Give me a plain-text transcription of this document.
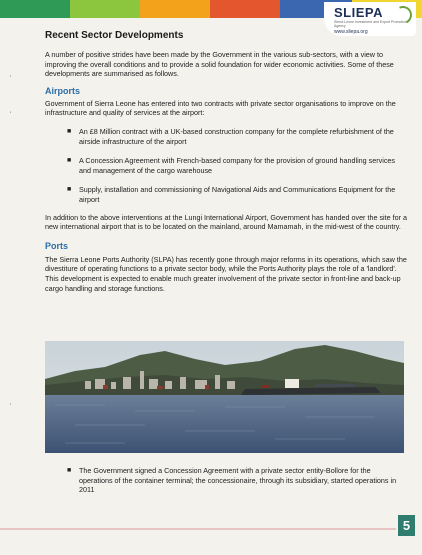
SLIEPA
Sierra Leone Investment and Export Promotion Agency
www.sliepa.org
'
'
'
Recent Sector Developments

A number of positive strides have been made by the Government in the various sub-sectors, with a view to improving the overall conditions and to provide a solid foundation for wider economic activities. Some of these developments are summarised as follows.

Airports

Government of Sierra Leone has entered into two contracts with private sector organisations to improve on the infrastructure and quality of services at the airport:

■ An £8 Million contract with a UK-based construction company for the complete refurbishment of the airside infrastructure of the airport
■ A Concession Agreement with French-based company for the provision of ground handling services and management of the cargo warehouse
■ Supply, installation and commissioning of Navigational Aids and Communications Equipment for the airport

In addition to the above interventions at the Lungi International Airport, Government has handed over the site for a new international airport that is to be located on the mainland, around Mamamah, in the mid-west of the country.

Ports

The Sierra Leone Ports Authority (SLPA) has recently gone through major reforms in its operations, which saw the divestiture of operating functions to a private sector body, while the Ports Authority plays the role of a 'landlord'. This development is expected to enable much greater involvement of the private sector in front-line and back-up cargo handling and storage functions.

■ The Government signed a Concession Agreement with a private sector entity-Bollore for the operations of the container terminal; the concessionaire, through its subsidiary, started operations in 2011
5
